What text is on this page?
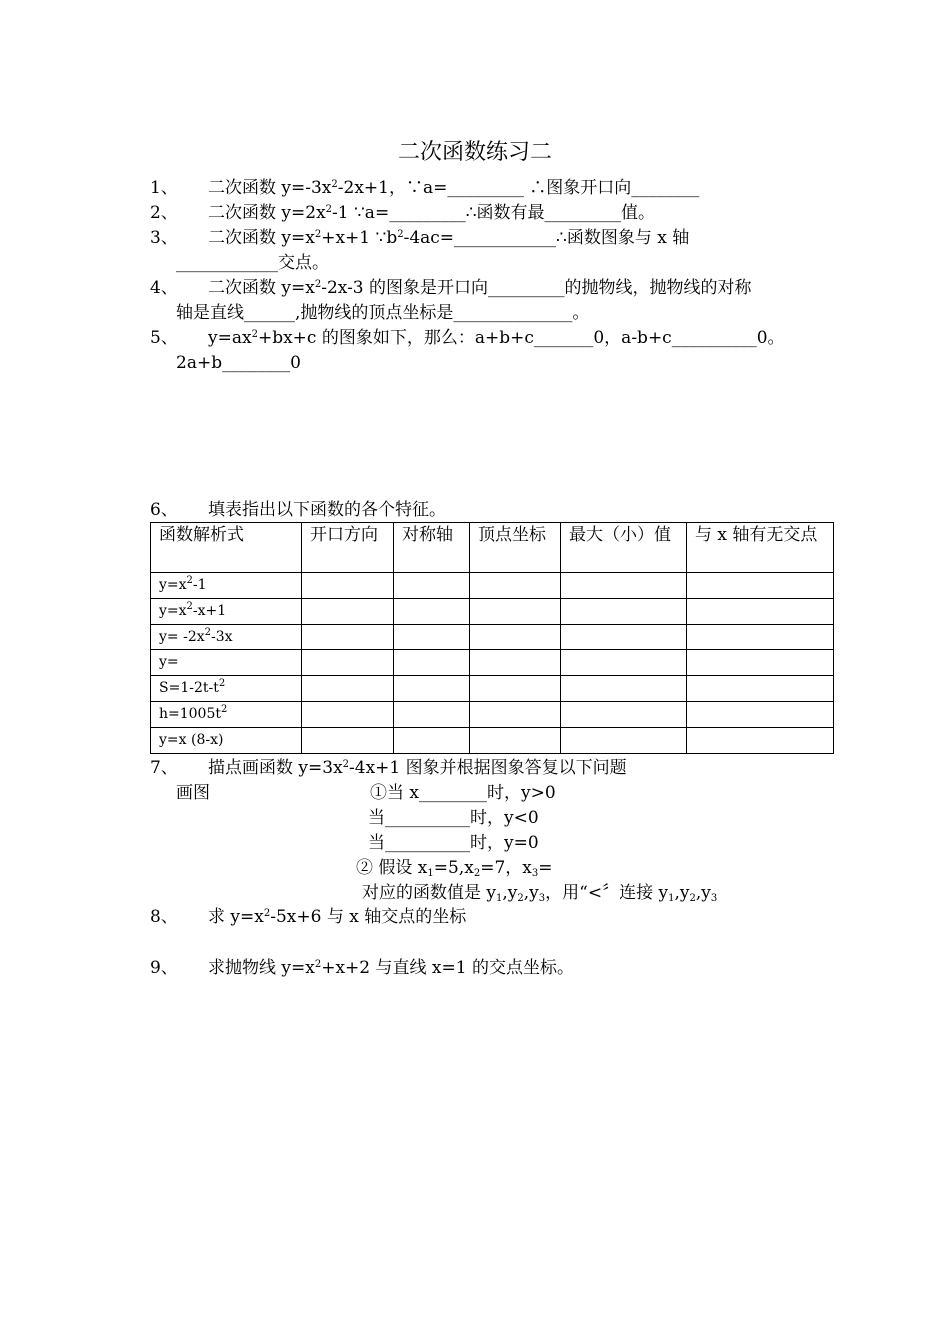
二次函数练习二
1、 二次函数 $y=-3x^2-2x+1$，∵a=_________ ∴图象开口向________
2、 二次函数 $y=2x^2-1$ ∵a=_________∴函数有最_________值。
3、 二次函数 $y=x^2+x+1$ $\because b^2-4ac=\_\_\_\_\_\_\_\_\_\_\_\_\therefore$函数图象与 x 轴
____________交点。
4、 二次函数 $y=x^2-2x-3$ 的图象是开口向_________的抛物线，抛物线的对称
轴是直线______,抛物线的顶点坐标是______________。
5、 $y=ax^2+bx+c$ 的图象如下，那么：a+b+c_______0，a-b+c__________0。
2a+b________0
6、 填表指出以下函数的各个特征。
函数解析式	开口方向	对称轴	顶点坐标	最大（小）值	与 x 轴有无交点
$y=x^2-1$					
$y=x^2-x+1$					
$y= -2x^2-3x$					
y=					
$S=1-2t-t^2$					
$h=1005t^2$					
y=x (8-x)					
7、 描点画函数 $y=3x^2-4x+1$ 图象并根据图象答复以下问题
画图	①当 x________时，y>0
当__________时，y<0
当__________时，y=0
② 假设 $x_1=5,x_2=7$，$x_3=$
对应的函数值是 $y_1,y_2,y_3$，用“<〞连接 $y_1,y_2,y_3$
8、 求 $y=x^2-5x+6$ 与 x 轴交点的坐标
9、 求抛物线 $y=x^2+x+2$ 与直线 x=1 的交点坐标。
